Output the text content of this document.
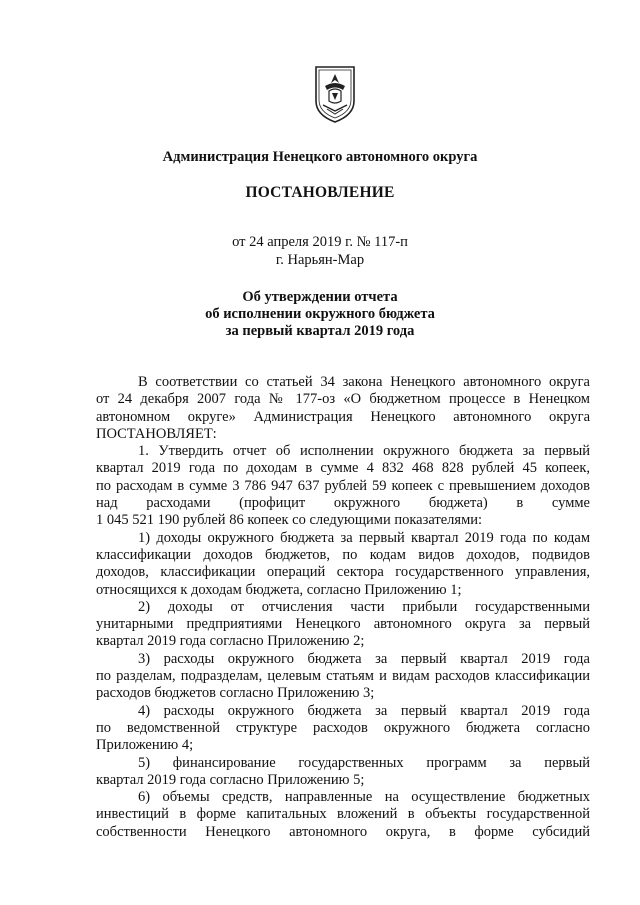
Администрация Ненецкого автономного округа
ПОСТАНОВЛЕНИЕ
от 24 апреля 2019 г. № 117-п
г. Нарьян-Мар
Об утверждении отчета
об исполнении окружного бюджета
за первый квартал 2019 года

В соответствии со статьей 34 закона Ненецкого автономного округа

от 24 декабря 2007 года № 177-оз «О бюджетном процессе в Ненецком

автономном округе» Администрация Ненецкого автономного округа

ПОСТАНОВЛЯЕТ:

1. Утвердить отчет об исполнении окружного бюджета за первый

квартал 2019 года по доходам в сумме 4 832 468 828 рублей 45 копеек,

по расходам в сумме 3 786 947 637 рублей 59 копеек с превышением доходов

над расходами (профицит окружного бюджета) в сумме

1 045 521 190 рублей 86 копеек со следующими показателями:

1) доходы окружного бюджета за первый квартал 2019 года по кодам

классификации доходов бюджетов, по кодам видов доходов, подвидов

доходов, классификации операций сектора государственного управления,

относящихся к доходам бюджета, согласно Приложению 1;

2) доходы от отчисления части прибыли государственными

унитарными предприятиями Ненецкого автономного округа за первый

квартал 2019 года согласно Приложению 2;

3) расходы окружного бюджета за первый квартал 2019 года

по разделам, подразделам, целевым статьям и видам расходов классификации

расходов бюджетов согласно Приложению 3;

4) расходы окружного бюджета за первый квартал 2019 года

по ведомственной структуре расходов окружного бюджета согласно

Приложению 4;

5) финансирование государственных программ за первый

квартал 2019 года согласно Приложению 5;

6) объемы средств, направленные на осуществление бюджетных

инвестиций в форме капитальных вложений в объекты государственной

собственности Ненецкого автономного округа, в форме субсидий
